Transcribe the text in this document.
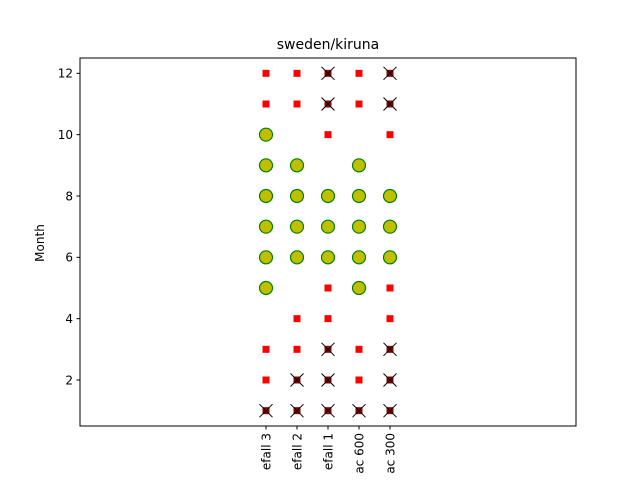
sweden/kiruna
Month
2
4
6
8
10
12
efall 3 efall 2 efall 1 ac 600 ac 300
